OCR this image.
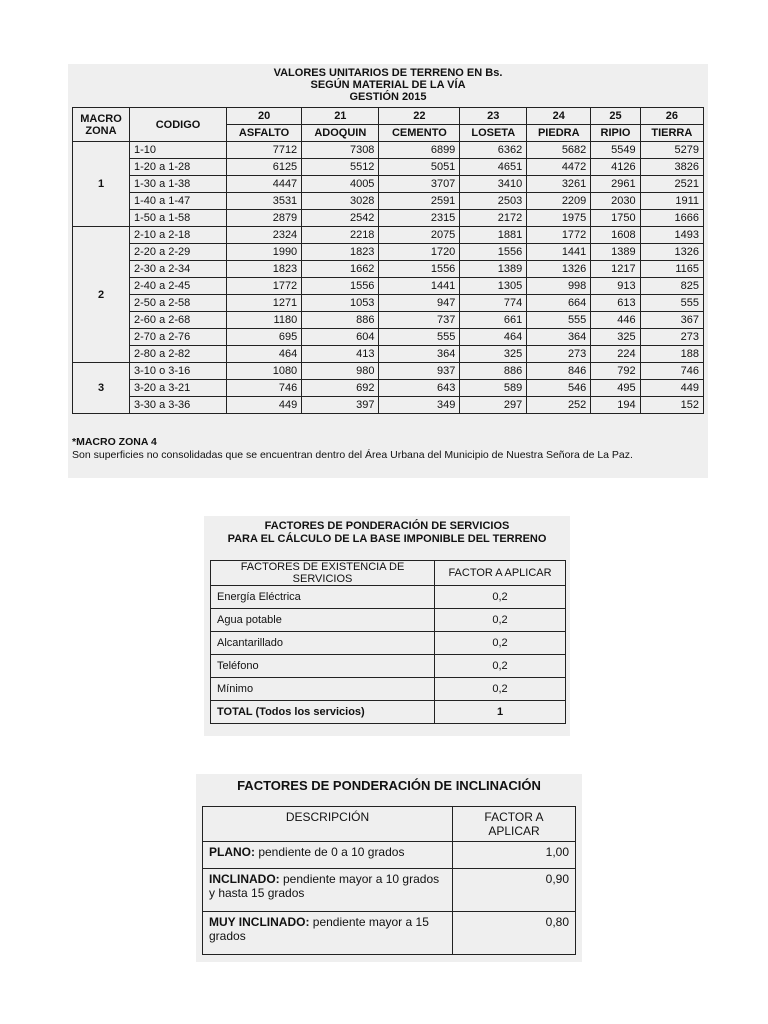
VALORES UNITARIOS DE TERRENO EN Bs.
SEGÚN MATERIAL DE LA VÍA
GESTIÓN 2015
MACRO ZONA	CODIGO	20	21	22	23	24	25	26
		ASFALTO	ADOQUIN	CEMENTO	LOSETA	PIEDRA	RIPIO	TIERRA
1	1-10	7712	7308	6899	6362	5682	5549	5279
	1-20 a 1-28	6125	5512	5051	4651	4472	4126	3826
	1-30 a 1-38	4447	4005	3707	3410	3261	2961	2521
	1-40 a 1-47	3531	3028	2591	2503	2209	2030	1911
	1-50 a 1-58	2879	2542	2315	2172	1975	1750	1666
2	2-10 a 2-18	2324	2218	2075	1881	1772	1608	1493
	2-20 a 2-29	1990	1823	1720	1556	1441	1389	1326
	2-30 a 2-34	1823	1662	1556	1389	1326	1217	1165
	2-40 a 2-45	1772	1556	1441	1305	998	913	825
	2-50 a 2-58	1271	1053	947	774	664	613	555
	2-60 a 2-68	1180	886	737	661	555	446	367
	2-70 a 2-76	695	604	555	464	364	325	273
	2-80 a 2-82	464	413	364	325	273	224	188
3	3-10 o 3-16	1080	980	937	886	846	792	746
	3-20 a 3-21	746	692	643	589	546	495	449
	3-30 a 3-36	449	397	349	297	252	194	152
*MACRO ZONA 4
Son superficies no consolidadas que se encuentran dentro del Área Urbana del Municipio de Nuestra Señora de La Paz.
FACTORES DE PONDERACIÓN DE SERVICIOS
PARA EL CÁLCULO DE LA BASE IMPONIBLE DEL TERRENO
FACTORES DE EXISTENCIA DE SERVICIOS	FACTOR A APLICAR
Energía Eléctrica	0,2
Agua potable	0,2
Alcantarillado	0,2
Teléfono	0,2
Mínimo	0,2
TOTAL (Todos los servicios)	1
FACTORES DE PONDERACIÓN DE INCLINACIÓN
DESCRIPCIÓN	FACTOR A APLICAR
PLANO: pendiente de 0 a 10 grados	1,00
INCLINADO: pendiente mayor a 10 grados y hasta 15 grados	0,90
MUY INCLINADO: pendiente mayor a 15 grados	0,80
